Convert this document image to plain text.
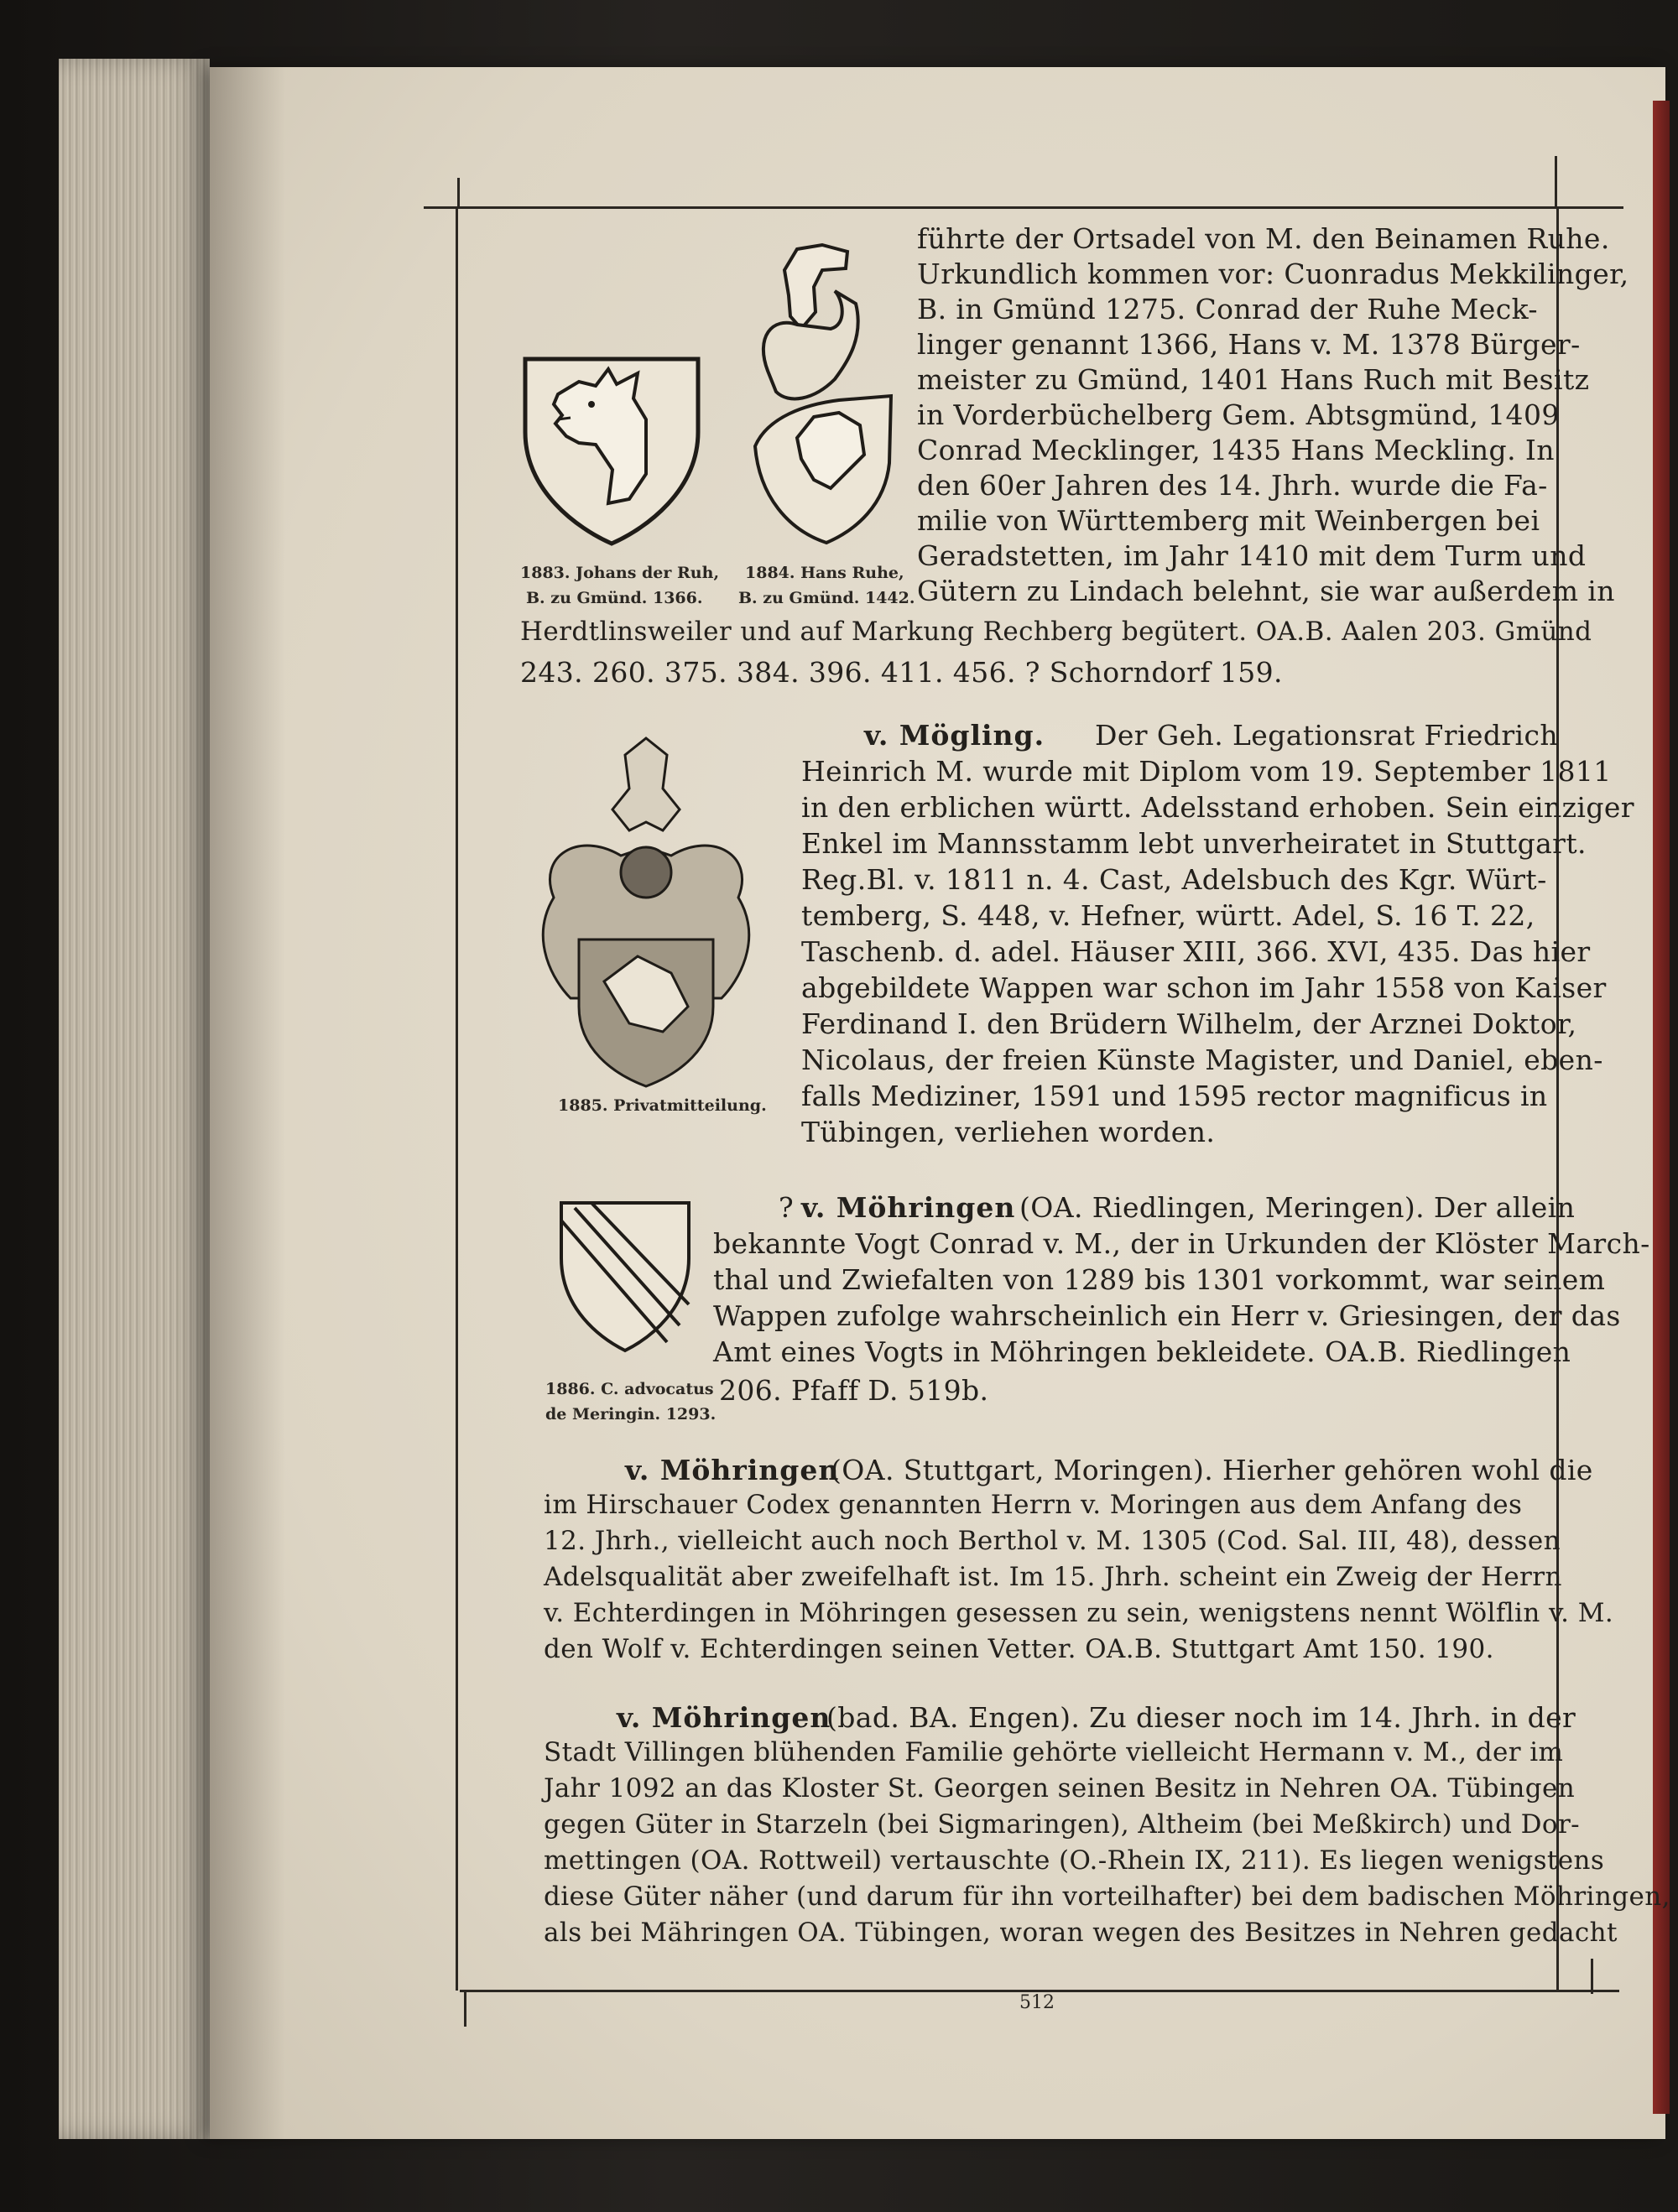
1883. Johans der Ruh,
B. zu Gmünd. 1366.
1884. Hans Ruhe,
B. zu Gmünd. 1442.
1885. Privatmitteilung.
1886. C. advocatus
de Meringin. 1293.
führte der Ortsadel von M. den Beinamen Ruhe.
Urkundlich kommen vor: Cuonradus Mekkilinger,
B. in Gmünd 1275. Conrad der Ruhe Meck-
linger genannt 1366, Hans v. M. 1378 Bürger-
meister zu Gmünd, 1401 Hans Ruch mit Besitz
in Vorderbüchelberg Gem. Abtsgmünd, 1409
Conrad Mecklinger, 1435 Hans Meckling. In
den 60er Jahren des 14. Jhrh. wurde die Fa-
milie von Württemberg mit Weinbergen bei
Geradstetten, im Jahr 1410 mit dem Turm und
Gütern zu Lindach belehnt, sie war außerdem in
Herdtlinsweiler und auf Markung Rechberg begütert. OA.B. Aalen 203. Gmünd
243. 260. 375. 384. 396. 411. 456. ? Schorndorf 159.
v. Mögling. Der Geh. Legationsrat Friedrich
Heinrich M. wurde mit Diplom vom 19. September 1811
in den erblichen württ. Adelsstand erhoben. Sein einziger
Enkel im Mannsstamm lebt unverheiratet in Stuttgart.
Reg.Bl. v. 1811 n. 4. Cast, Adelsbuch des Kgr. Würt-
temberg, S. 448, v. Hefner, württ. Adel, S. 16 T. 22,
Taschenb. d. adel. Häuser XIII, 366. XVI, 435. Das hier
abgebildete Wappen war schon im Jahr 1558 von Kaiser
Ferdinand I. den Brüdern Wilhelm, der Arznei Doktor,
Nicolaus, der freien Künste Magister, und Daniel, eben-
falls Mediziner, 1591 und 1595 rector magnificus in
Tübingen, verliehen worden.
? v. Möhringen (OA. Riedlingen, Meringen). Der allein
bekannte Vogt Conrad v. M., der in Urkunden der Klöster March-
thal und Zwiefalten von 1289 bis 1301 vorkommt, war seinem
Wappen zufolge wahrscheinlich ein Herr v. Griesingen, der das
Amt eines Vogts in Möhringen bekleidete. OA.B. Riedlingen
206. Pfaff D. 519b.
v. Möhringen
(OA. Stuttgart, Moringen). Hierher gehören wohl die
im Hirschauer Codex genannten Herrn v. Moringen aus dem Anfang des
12. Jhrh., vielleicht auch noch Berthol v. M. 1305 (Cod. Sal. III, 48), dessen
Adelsqualität aber zweifelhaft ist. Im 15. Jhrh. scheint ein Zweig der Herrn
v. Echterdingen in Möhringen gesessen zu sein, wenigstens nennt Wölflin v. M.
den Wolf v. Echterdingen seinen Vetter. OA.B. Stuttgart Amt 150. 190.
v. Möhringen
(bad. BA. Engen). Zu dieser noch im 14. Jhrh. in der
Stadt Villingen blühenden Familie gehörte vielleicht Hermann v. M., der im
Jahr 1092 an das Kloster St. Georgen seinen Besitz in Nehren OA. Tübingen
gegen Güter in Starzeln (bei Sigmaringen), Altheim (bei Meßkirch) und Dor-
mettingen (OA. Rottweil) vertauschte (O.-Rhein IX, 211). Es liegen wenigstens
diese Güter näher (und darum für ihn vorteilhafter) bei dem badischen Möhringen,
als bei Mähringen OA. Tübingen, woran wegen des Besitzes in Nehren gedacht
512
